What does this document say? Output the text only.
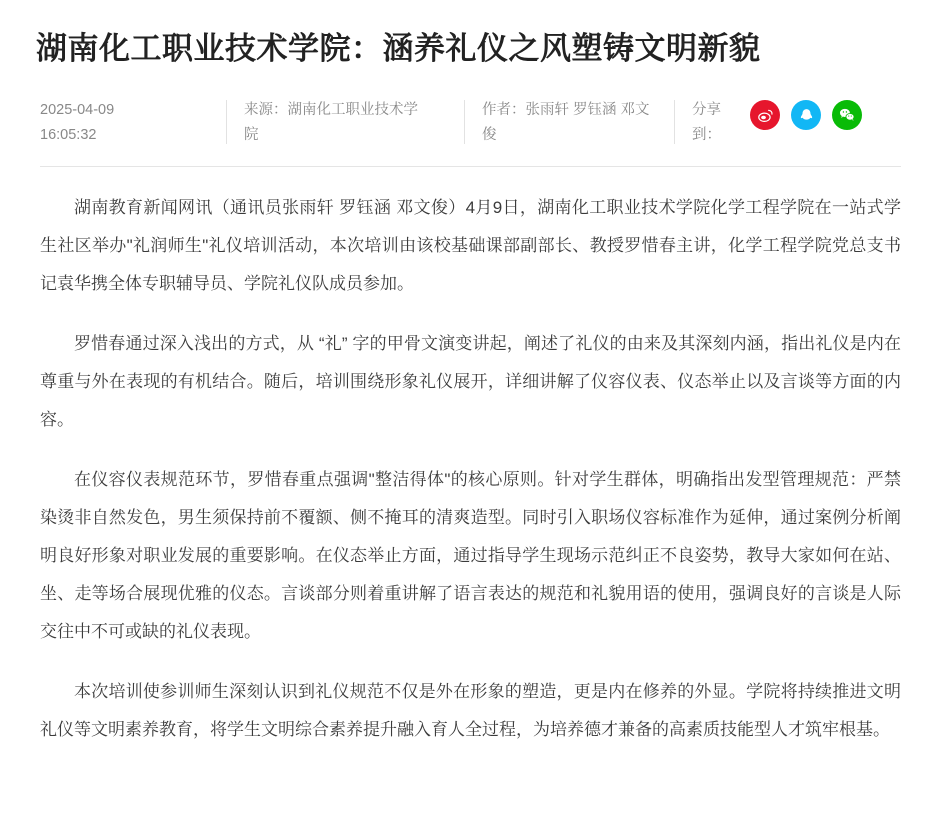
湖南化工职业技术学院：涵养礼仪之风塑铸文明新貌
2025-04-09
16:05:32
来源：湖南化工职业技术学
院
作者：张雨轩 罗钰涵 邓文
俊
分享
到：

湖南教育新闻网讯（通讯员张雨轩 罗钰涵 邓文俊）4月9日，湖南化工职业技术学院化学工程学院在一站式学生社区举办"礼润师生"礼仪培训活动，本次培训由该校基础课部副部长、教授罗惜春主讲，化学工程学院党总支书记袁华携全体专职辅导员、学院礼仪队成员参加。

罗惜春通过深入浅出的方式，从 “礼” 字的甲骨文演变讲起，阐述了礼仪的由来及其深刻内涵，指出礼仪是内在尊重与外在表现的有机结合。随后，培训围绕形象礼仪展开，详细讲解了仪容仪表、仪态举止以及言谈等方面的内容。

在仪容仪表规范环节，罗惜春重点强调"整洁得体"的核心原则。针对学生群体，明确指出发型管理规范：严禁染烫非自然发色，男生须保持前不覆额、侧不掩耳的清爽造型。同时引入职场仪容标准作为延伸，通过案例分析阐明良好形象对职业发展的重要影响。在仪态举止方面，通过指导学生现场示范纠正不良姿势，教导大家如何在站、坐、走等场合展现优雅的仪态。言谈部分则着重讲解了语言表达的规范和礼貌用语的使用，强调良好的言谈是人际交往中不可或缺的礼仪表现。

本次培训使参训师生深刻认识到礼仪规范不仅是外在形象的塑造，更是内在修养的外显。学院将持续推进文明礼仪等文明素养教育，将学生文明综合素养提升融入育人全过程，为培养德才兼备的高素质技能型人才筑牢根基。
